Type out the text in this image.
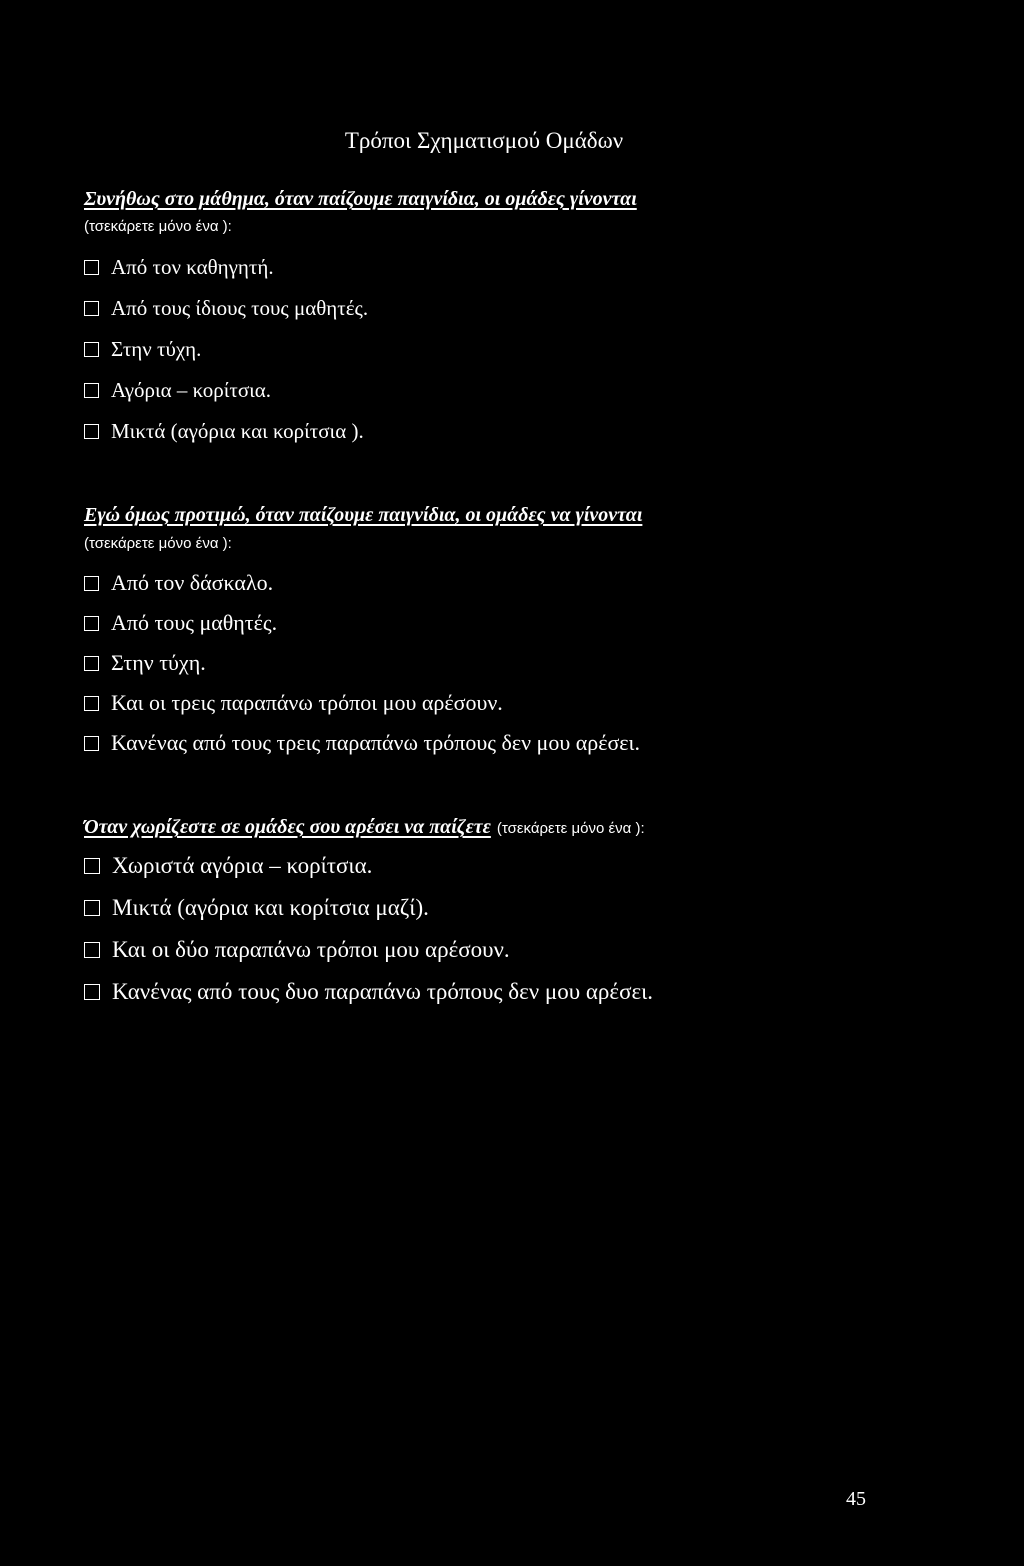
Τρόποι Σχηματισμού Ομάδων
Συνήθως στο μάθημα, όταν παίζουμε παιγνίδια, οι ομάδες γίνονται
(τσεκάρετε μόνο ένα ):
Από τον καθηγητή.
Από τους ίδιους τους μαθητές.
Στην τύχη.
Αγόρια – κορίτσια.
Μικτά (αγόρια και κορίτσια ).
Εγώ όμως προτιμώ, όταν παίζουμε παιγνίδια, οι ομάδες να γίνονται
(τσεκάρετε μόνο ένα ):
Από τον δάσκαλο.
Από τους μαθητές.
Στην τύχη.
Και οι τρεις παραπάνω τρόποι μου αρέσουν.
Κανένας από τους τρεις παραπάνω τρόπους δεν μου αρέσει.
Όταν χωρίζεστε σε ομάδες σου αρέσει να παίζετε (τσεκάρετε μόνο ένα ):
Χωριστά αγόρια – κορίτσια.
Μικτά (αγόρια και κορίτσια μαζί).
Και οι δύο παραπάνω τρόποι μου αρέσουν.
Κανένας από τους δυο παραπάνω τρόπους δεν μου αρέσει.
45
